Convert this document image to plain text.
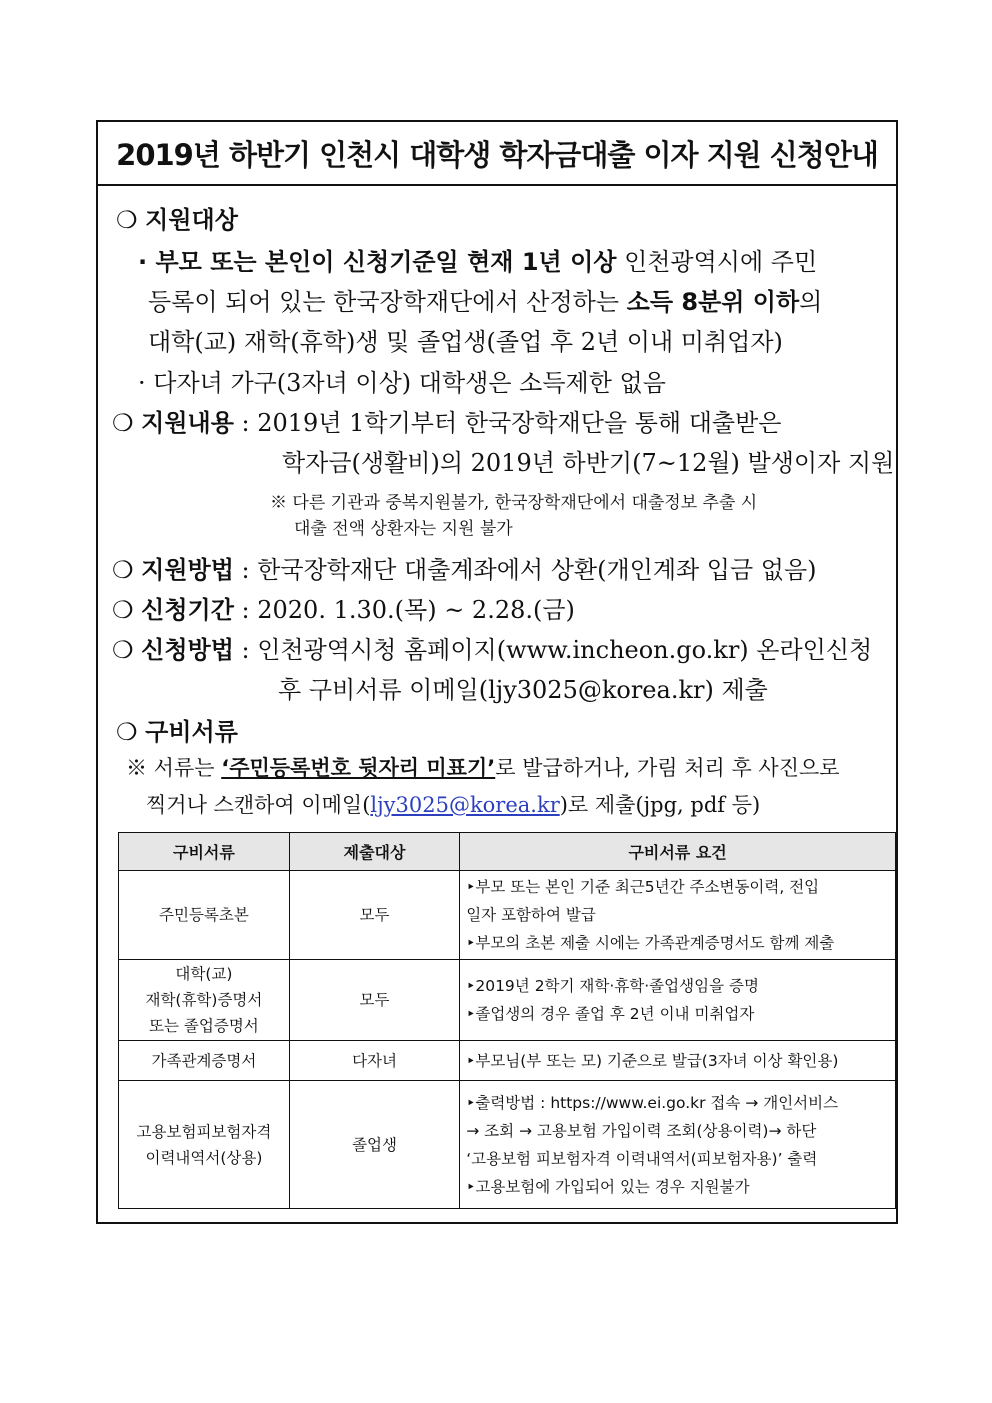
2019년 하반기 인천시 대학생 학자금대출 이자 지원 신청안내
❍ 지원대상
· 부모 또는 본인이 신청기준일 현재 1년 이상 인천광역시에 주민
등록이 되어 있는 한국장학재단에서 산정하는 소득 8분위 이하의
대학(교) 재학(휴학)생 및 졸업생(졸업 후 2년 이내 미취업자)
· 다자녀 가구(3자녀 이상) 대학생은 소득제한 없음
❍ 지원내용 : 2019년 1학기부터 한국장학재단을 통해 대출받은
학자금(생활비)의 2019년 하반기(7~12월) 발생이자 지원
※ 다른 기관과 중복지원불가, 한국장학재단에서 대출정보 추출 시
대출 전액 상환자는 지원 불가
❍ 지원방법 : 한국장학재단 대출계좌에서 상환(개인계좌 입금 없음)
❍ 신청기간 : 2020. 1.30.(목) ~ 2.28.(금)
❍ 신청방법 : 인천광역시청 홈페이지(www.incheon.go.kr) 온라인신청
후 구비서류 이메일(ljy3025@korea.kr) 제출
❍ 구비서류
※ 서류는 ‘주민등록번호 뒷자리 미표기’로 발급하거나, 가림 처리 후 사진으로
찍거나 스캔하여 이메일(ljy3025@korea.kr)로 제출(jpg, pdf 등)
구비서류	제출대상	구비서류 요건

주민등록초본	모두	‣부모 또는 본인 기준 최근5년간 주소변동이력, 전입
일자 포함하여 발급
‣부모의 초본 제출 시에는 가족관계증명서도 함께 제출

대학(교)
재학(휴학)증명서
또는 졸업증명서	모두	‣2019년 2학기 재학·휴학·졸업생임을 증명
‣졸업생의 경우 졸업 후 2년 이내 미취업자

가족관계증명서	다자녀	‣부모님(부 또는 모) 기준으로 발급(3자녀 이상 확인용)

고용보험피보험자격
이력내역서(상용)	졸업생	‣출력방법 : https://www.ei.go.kr 접속 → 개인서비스
→ 조회 → 고용보험 가입이력 조회(상용이력)→ 하단
‘고용보험 피보험자격 이력내역서(피보험자용)’ 출력
‣고용보험에 가입되어 있는 경우 지원불가
